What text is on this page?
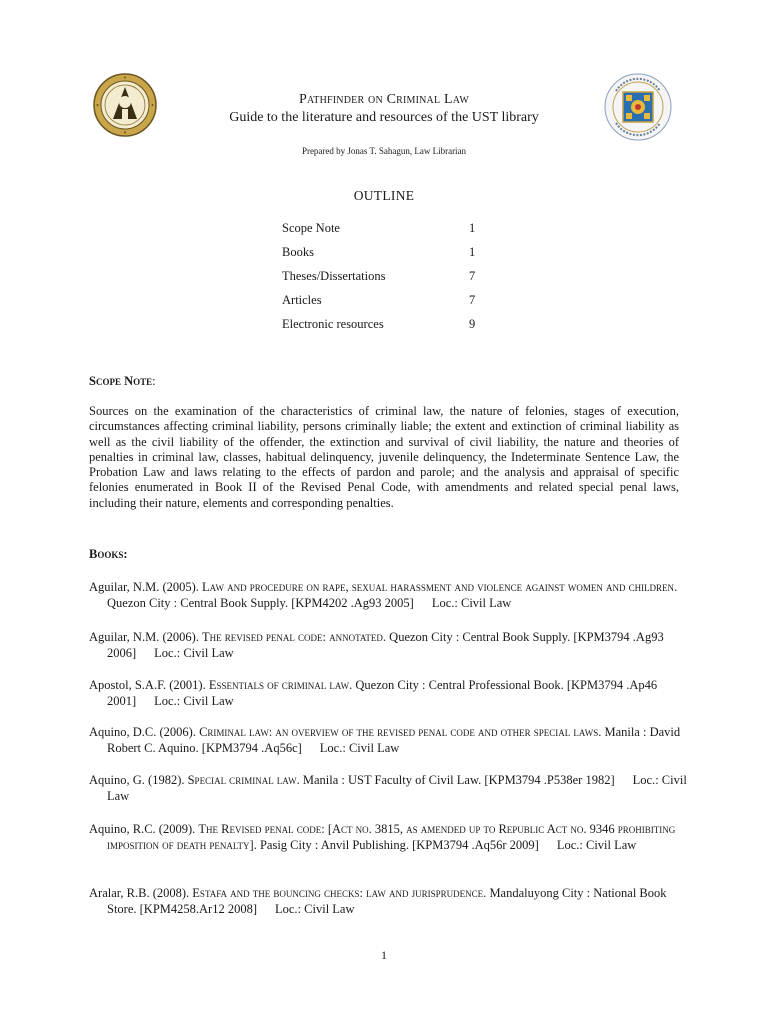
Pathfinder on Criminal Law
Guide to the literature and resources of the UST library
Prepared by Jonas T. Sahagun, Law Librarian
OUTLINE
Scope Note	1
Books	1
Theses/Dissertations	7
Articles	7
Electronic resources	9
Scope Note:
Sources on the examination of the characteristics of criminal law, the nature of felonies, stages of execution, circumstances affecting criminal liability, persons criminally liable; the extent and extinction of criminal liability as well as the civil liability of the offender, the extinction and survival of civil liability, the nature and theories of penalties in criminal law, classes, habitual delinquency, juvenile delinquency, the Indeterminate Sentence Law, the Probation Law and laws relating to the effects of pardon and parole; and the analysis and appraisal of specific felonies enumerated in Book II of the Revised Penal Code, with amendments and related special penal laws, including their nature, elements and corresponding penalties.
Books:
Aguilar, N.M. (2005). Law and procedure on rape, sexual harassment and violence against women and children. Quezon City : Central Book Supply. [KPM4202 .Ag93 2005] Loc.: Civil Law
Aguilar, N.M. (2006). The revised penal code: annotated. Quezon City : Central Book Supply. [KPM3794 .Ag93 2006] Loc.: Civil Law
Apostol, S.A.F. (2001). Essentials of criminal law. Quezon City : Central Professional Book. [KPM3794 .Ap46 2001] Loc.: Civil Law
Aquino, D.C. (2006). Criminal law: an overview of the revised penal code and other special laws. Manila : David Robert C. Aquino. [KPM3794 .Aq56c] Loc.: Civil Law
Aquino, G. (1982). Special criminal law. Manila : UST Faculty of Civil Law. [KPM3794 .P538er 1982] Loc.: Civil Law
Aquino, R.C. (2009). The Revised penal code: [Act no. 3815, as amended up to Republic Act no. 9346 prohibiting imposition of death penalty]. Pasig City : Anvil Publishing. [KPM3794 .Aq56r 2009] Loc.: Civil Law
Aralar, R.B. (2008). Estafa and the bouncing checks: law and jurisprudence. Mandaluyong City : National Book Store. [KPM4258.Ar12 2008] Loc.: Civil Law
1
